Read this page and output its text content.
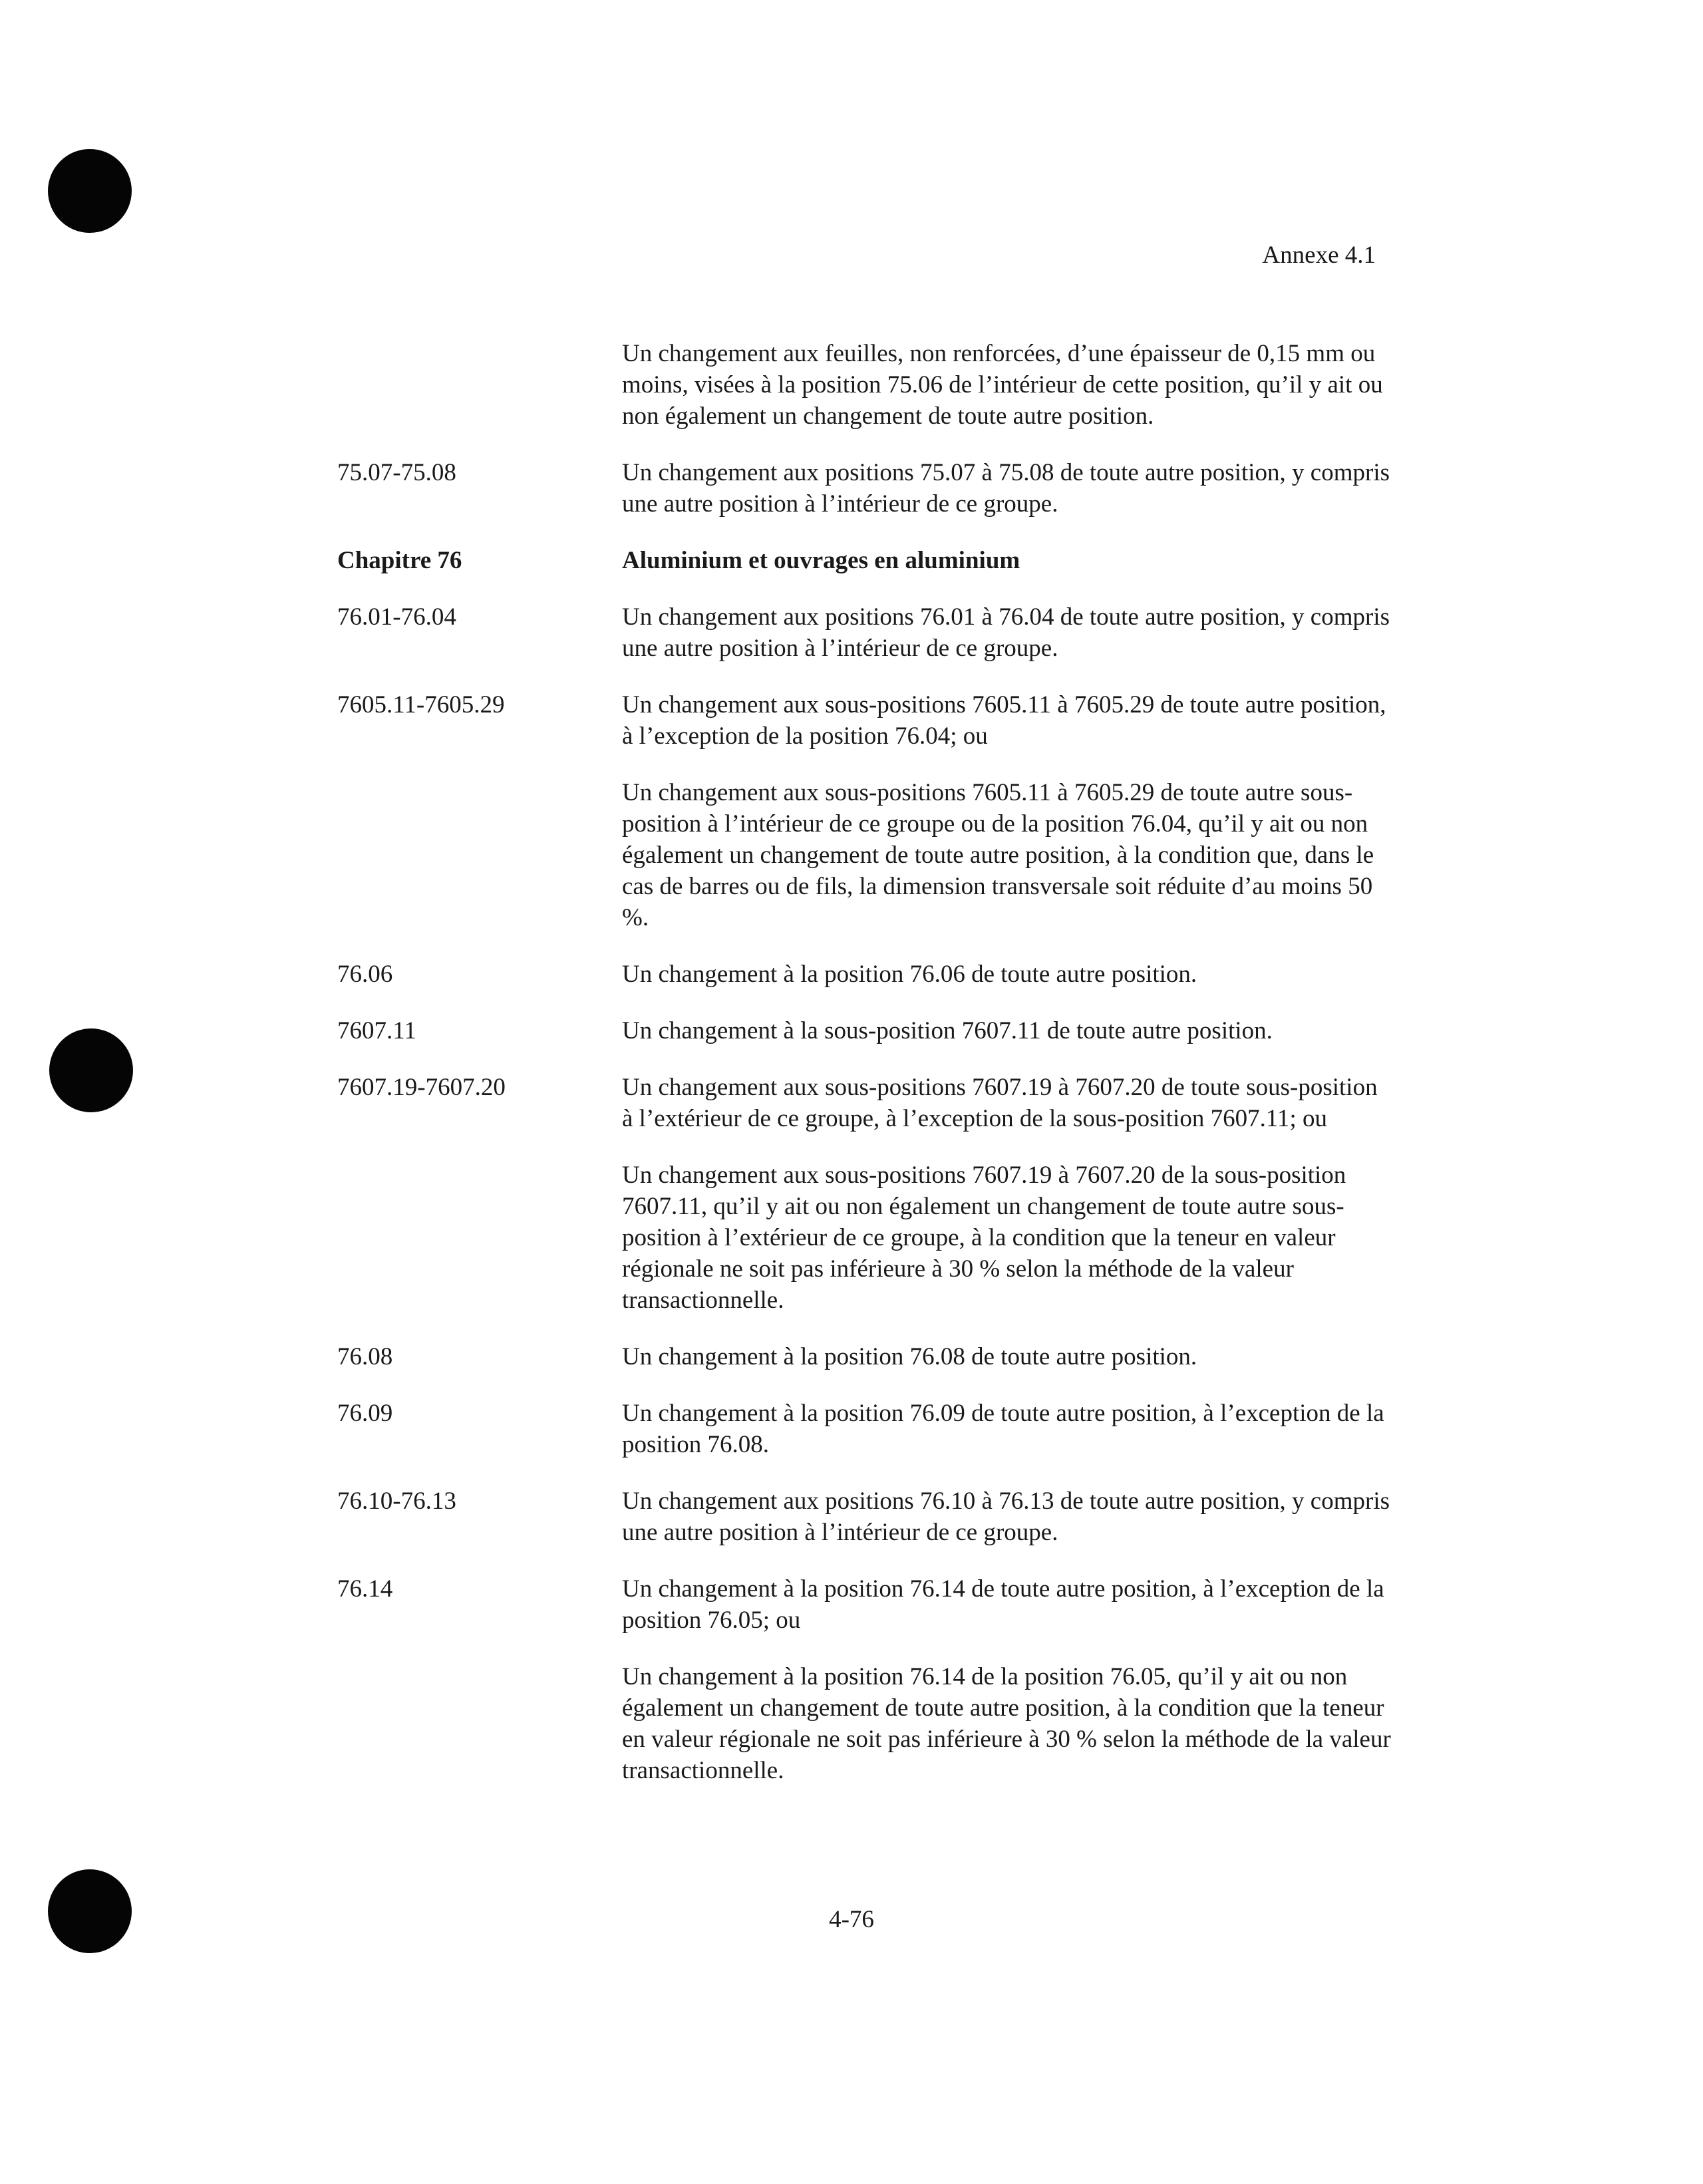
Annexe 4.1

Un changement aux feuilles, non renforcées, d’une épaisseur de 0,15 mm ou moins, visées à la position 75.06 de l’intérieur de cette position, qu’il y ait ou non également un changement de toute autre position.

75.07-75.08	Un changement aux positions 75.07 à 75.08 de toute autre position, y compris une autre position à l’intérieur de ce groupe.

Chapitre 76	Aluminium et ouvrages en aluminium

76.01-76.04	Un changement aux positions 76.01 à 76.04 de toute autre position, y compris une autre position à l’intérieur de ce groupe.

7605.11-7605.29	Un changement aux sous-positions 7605.11 à 7605.29 de toute autre position, à l’exception de la position 76.04; ou

Un changement aux sous-positions 7605.11 à 7605.29 de toute autre sous-position à l’intérieur de ce groupe ou de la position 76.04, qu’il y ait ou non également un changement de toute autre position, à la condition que, dans le cas de barres ou de fils, la dimension transversale soit réduite d’au moins 50 %.

76.06	Un changement à la position 76.06 de toute autre position.

7607.11	Un changement à la sous-position 7607.11 de toute autre position.

7607.19-7607.20	Un changement aux sous-positions 7607.19 à 7607.20 de toute sous-position à l’extérieur de ce groupe, à l’exception de la sous-position 7607.11; ou

Un changement aux sous-positions 7607.19 à 7607.20 de la sous-position 7607.11, qu’il y ait ou non également un changement de toute autre sous-position à l’extérieur de ce groupe, à la condition que la teneur en valeur régionale ne soit pas inférieure à 30 % selon la méthode de la valeur transactionnelle.

76.08	Un changement à la position 76.08 de toute autre position.

76.09	Un changement à la position 76.09 de toute autre position, à l’exception de la position 76.08.

76.10-76.13	Un changement aux positions 76.10 à 76.13 de toute autre position, y compris une autre position à l’intérieur de ce groupe.

76.14	Un changement à la position 76.14 de toute autre position, à l’exception de la position 76.05; ou

Un changement à la position 76.14 de la position 76.05, qu’il y ait ou non également un changement de toute autre position, à la condition que la teneur en valeur régionale ne soit pas inférieure à 30 % selon la méthode de la valeur transactionnelle.

4-76
